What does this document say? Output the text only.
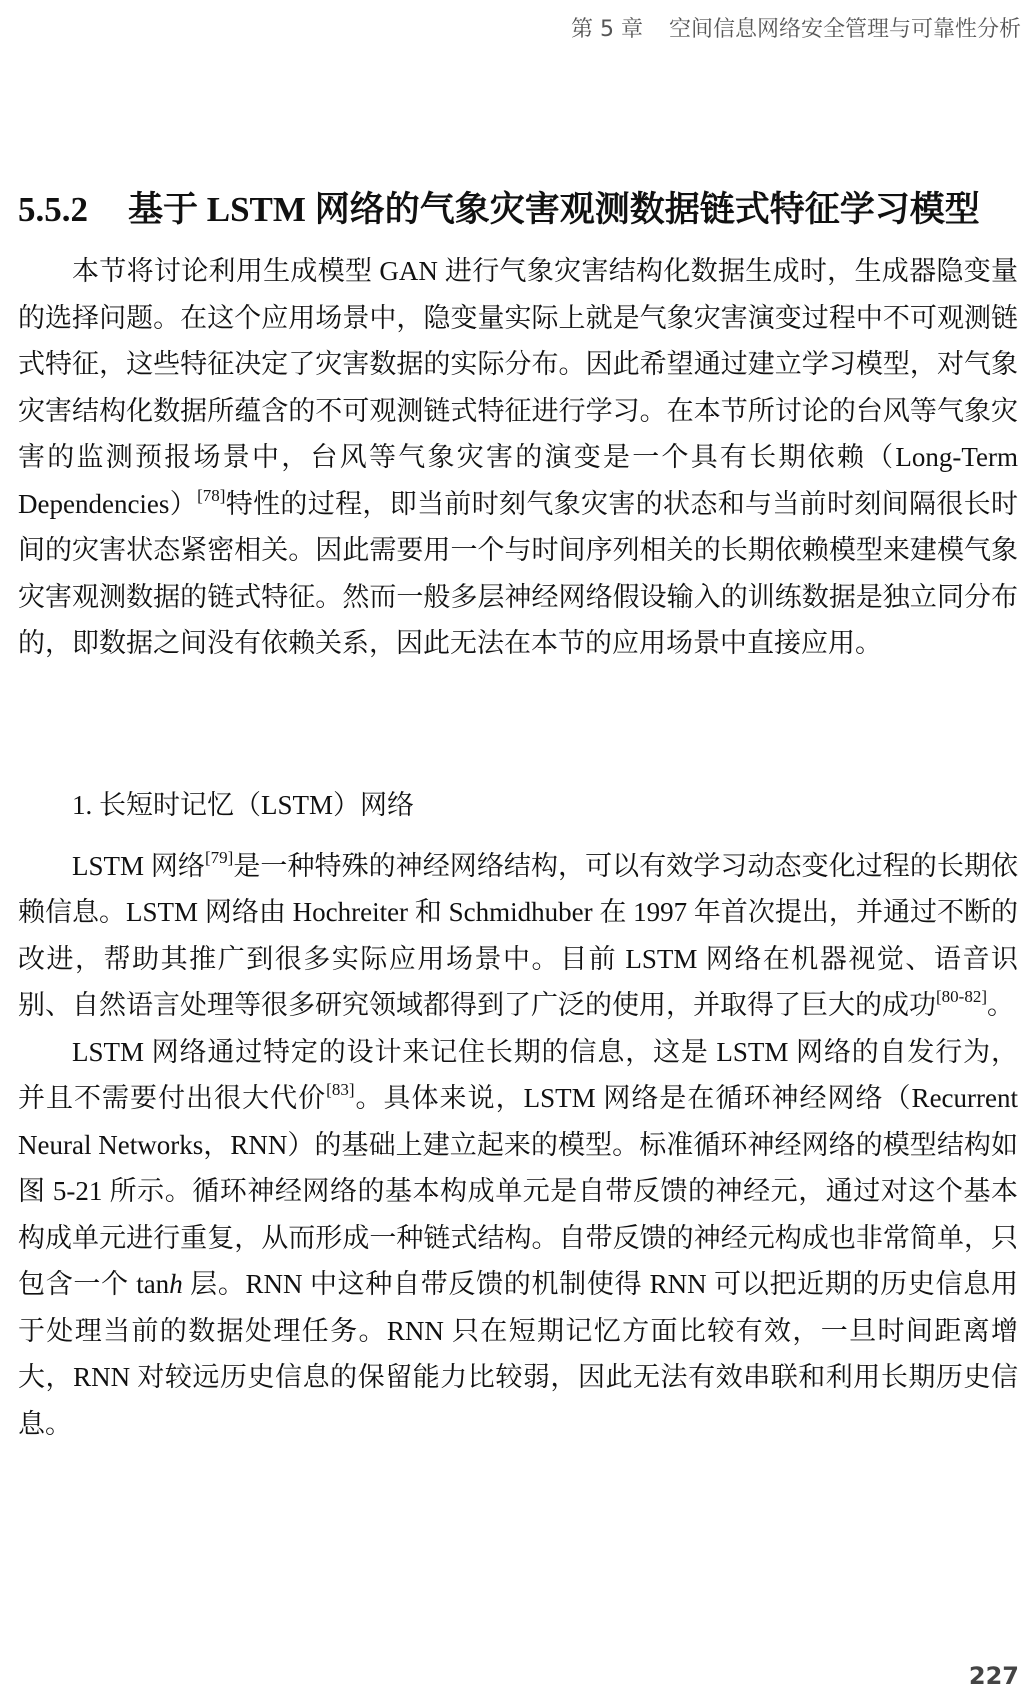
第 5 章 空间信息网络安全管理与可靠性分析
5.5.2 基于 LSTM 网络的气象灾害观测数据链式特征学习模型

本节将讨论利用生成模型 GAN 进行气象灾害结构化数据生成时，生成器隐变量的选择问题。在这个应用场景中，隐变量实际上就是气象灾害演变过程中不可观测链式特征，这些特征决定了灾害数据的实际分布。因此希望通过建立学习模型，对气象灾害结构化数据所蕴含的不可观测链式特征进行学习。在本节所讨论的台风等气象灾害的监测预报场景中，台风等气象灾害的演变是一个具有长期依赖（Long-Term Dependencies）[78]特性的过程，即当前时刻气象灾害的状态和与当前时刻间隔很长时间的灾害状态紧密相关。因此需要用一个与时间序列相关的长期依赖模型来建模气象灾害观测数据的链式特征。然而一般多层神经网络假设输入的训练数据是独立同分布的，即数据之间没有依赖关系，因此无法在本节的应用场景中直接应用。

1. 长短时记忆（LSTM）网络

LSTM 网络[79]是一种特殊的神经网络结构，可以有效学习动态变化过程的长期依赖信息。LSTM 网络由 Hochreiter 和 Schmidhuber 在 1997 年首次提出，并通过不断的改进，帮助其推广到很多实际应用场景中。目前 LSTM 网络在机器视觉、语音识别、自然语言处理等很多研究领域都得到了广泛的使用，并取得了巨大的成功[80-82]。

LSTM 网络通过特定的设计来记住长期的信息，这是 LSTM 网络的自发行为，并且不需要付出很大代价[83]。具体来说，LSTM 网络是在循环神经网络（Recurrent Neural Networks，RNN）的基础上建立起来的模型。标准循环神经网络的模型结构如图 5-21 所示。循环神经网络的基本构成单元是自带反馈的神经元，通过对这个基本构成单元进行重复，从而形成一种链式结构。自带反馈的神经元构成也非常简单，只包含一个 tanh 层。RNN 中这种自带反馈的机制使得 RNN 可以把近期的历史信息用于处理当前的数据处理任务。RNN 只在短期记忆方面比较有效，一旦时间距离增大，RNN 对较远历史信息的保留能力比较弱，因此无法有效串联和利用长期历史信息。

227
